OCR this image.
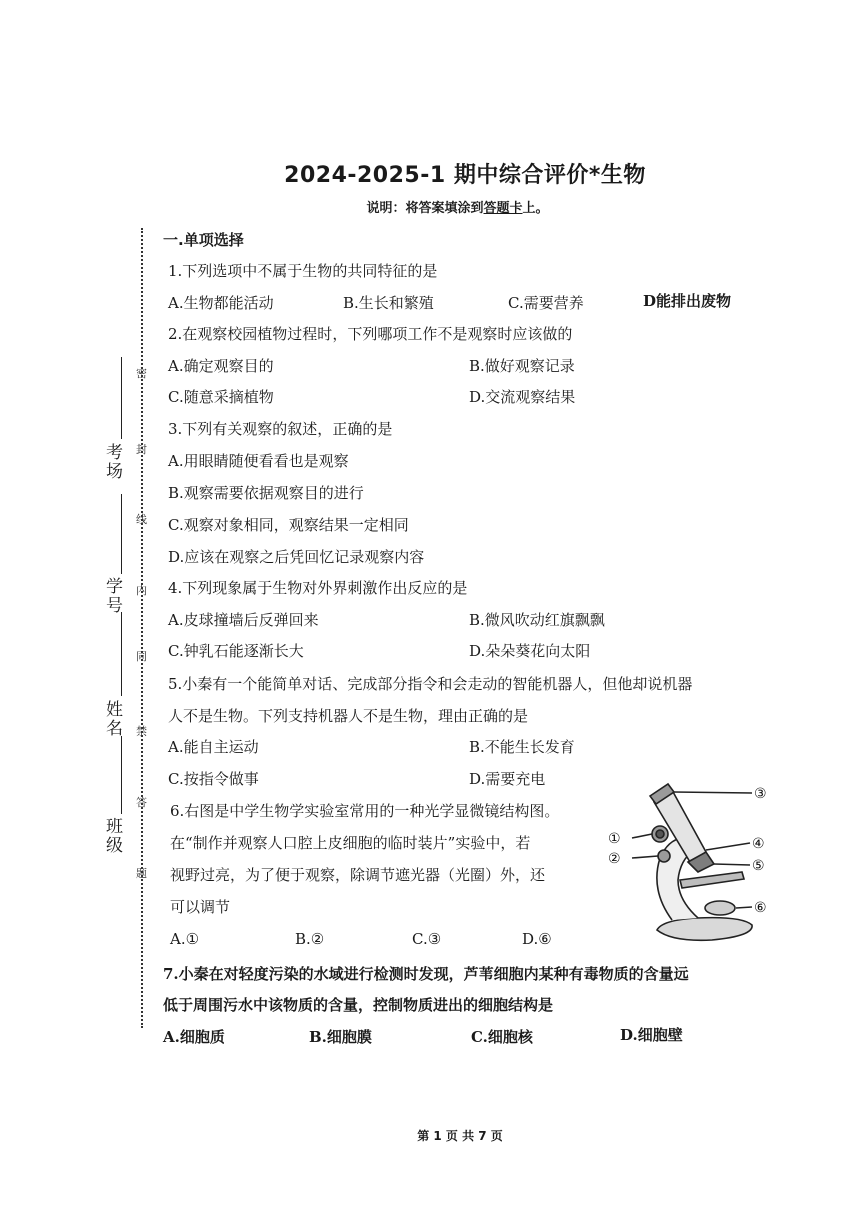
2024-2025-1 期中综合评价*生物
说明：将答案填涂到答题卡上。
考场
学号
姓名
班级
密
封
线
内
同
禁
答
题
一.单项选择
1.下列选项中不属于生物的共同特征的是
A.生物都能活动	B.生长和繁殖	C.需要营养	D能排出废物
2.在观察校园植物过程时，下列哪项工作不是观察时应该做的
A.确定观察目的	B.做好观察记录
C.随意采摘植物	D.交流观察结果
3.下列有关观察的叙述，正确的是
A.用眼睛随便看看也是观察
B.观察需要依据观察目的进行
C.观察对象相同，观察结果一定相同
D.应该在观察之后凭回忆记录观察内容
4.下列现象属于生物对外界刺激作出反应的是
A.皮球撞墙后反弹回来	B.微风吹动红旗飘飘
C.钟乳石能逐渐长大	D.朵朵葵花向太阳
5.小秦有一个能简单对话、完成部分指令和会走动的智能机器人，但他却说机器
人不是生物。下列支持机器人不是生物，理由正确的是
A.能自主运动	B.不能生长发育
C.按指令做事	D.需要充电
6.右图是中学生物学实验室常用的一种光学显微镜结构图。
在“制作并观察人口腔上皮细胞的临时装片”实验中，若
视野过亮，为了便于观察，除调节遮光器（光圈）外，还
可以调节
A.①	B.②	C.③	D.⑥
①
②
③
④
⑤
⑥
7.小秦在对轻度污染的水域进行检测时发现，芦苇细胞内某种有毒物质的含量远
低于周围污水中该物质的含量，控制物质进出的细胞结构是
A.细胞质	B.细胞膜	C.细胞核	D.细胞壁
第 1 页 共 7 页
